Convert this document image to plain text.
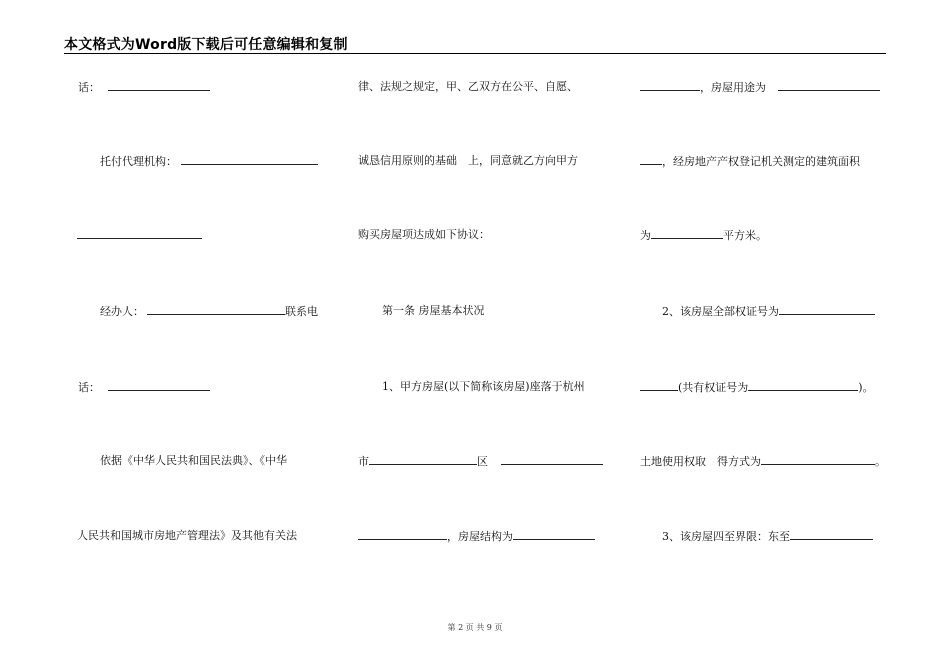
本文格式为Word版下载后可任意编辑和复制
话：
托付代理机构：
经办人：	联系电
话：
依据《中华人民共和国民法典》、《中华
人民共和国城市房地产管理法》及其他有关法
律、法规之规定，甲、乙双方在公平、自愿、
诚恳信用原则的基础　上，同意就乙方向甲方
购买房屋项达成如下协议：
第一条 房屋基本状况
1、甲方房屋(以下简称该房屋)座落于杭州
市	区
，房屋结构为
，房屋用途为
，经房地产产权登记机关测定的建筑面积
为	平方米。
2、该房屋全部权证号为
(共有权证号为	)。
土地使用权取　得方式为	。
3、该房屋四至界限：东至
第 2 页 共 9 页
